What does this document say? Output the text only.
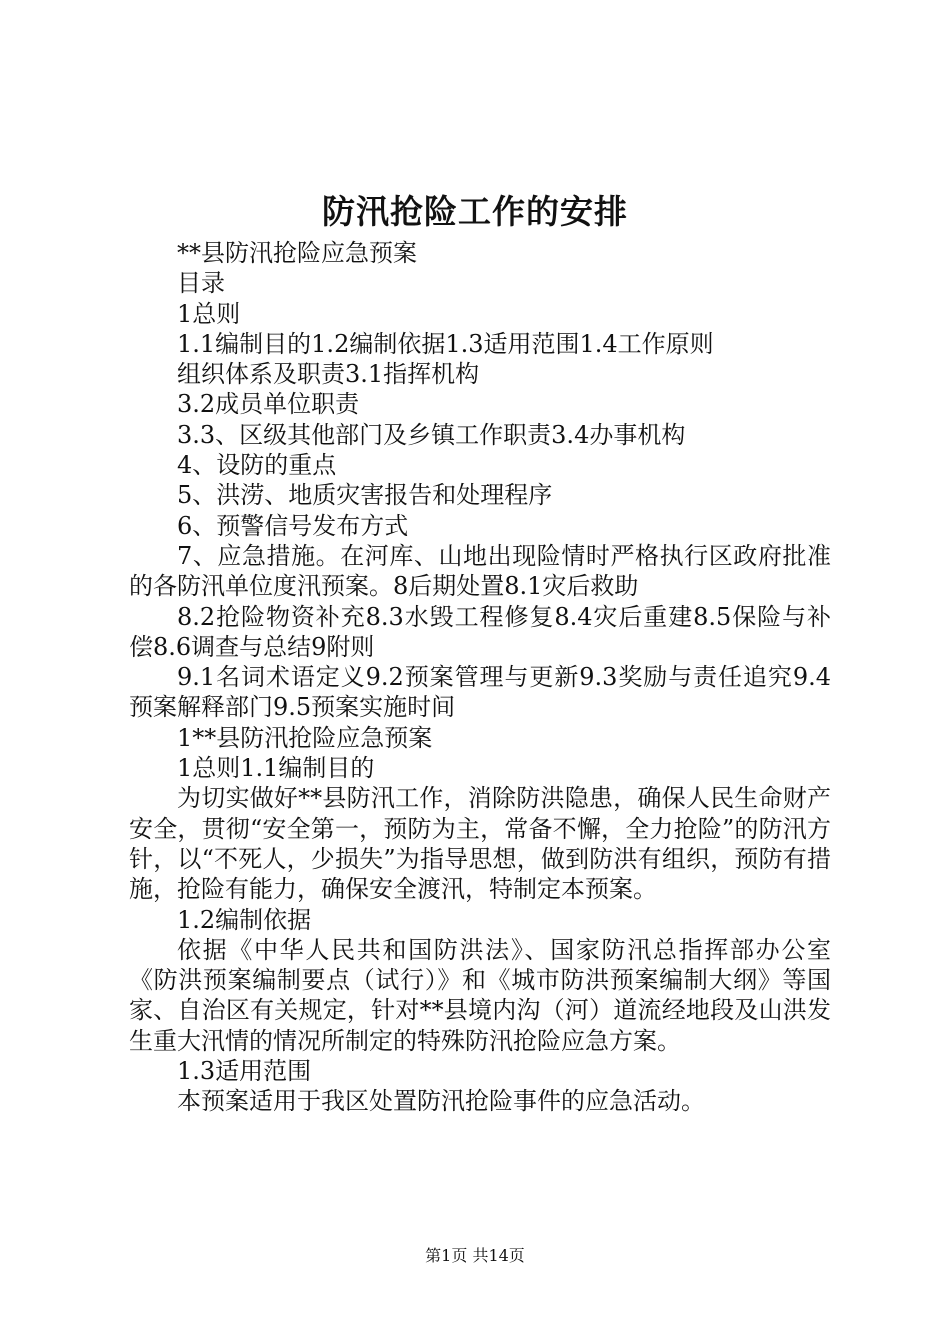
防汛抢险工作的安排

**县防汛抢险应急预案

目录

1总则

1.1编制目的1.2编制依据1.3适用范围1.4工作原则

组织体系及职责3.1指挥机构

3.2成员单位职责

3.3、区级其他部门及乡镇工作职责3.4办事机构

4、设防的重点

5、洪涝、地质灾害报告和处理程序

6、预警信号发布方式

7、应急措施。在河库、山地出现险情时严格执行区政府批准的各防汛单位度汛预案。8后期处置8.1灾后救助

8.2抢险物资补充8.3水毁工程修复8.4灾后重建8.5保险与补偿8.6调查与总结9附则

9.1名词术语定义9.2预案管理与更新9.3奖励与责任追究9.4预案解释部门9.5预案实施时间

1**县防汛抢险应急预案

1总则1.1编制目的

为切实做好**县防汛工作，消除防洪隐患，确保人民生命财产安全，贯彻“安全第一，预防为主，常备不懈，全力抢险”的防汛方针，以“不死人，少损失”为指导思想，做到防洪有组织，预防有措施，抢险有能力，确保安全渡汛，特制定本预案。

1.2编制依据

依据《中华人民共和国防洪法》、国家防汛总指挥部办公室《防洪预案编制要点（试行）》和《城市防洪预案编制大纲》等国家、自治区有关规定，针对**县境内沟（河）道流经地段及山洪发生重大汛情的情况所制定的特殊防汛抢险应急方案。

1.3适用范围

本预案适用于我区处置防汛抢险事件的应急活动。

第1页 共14页
